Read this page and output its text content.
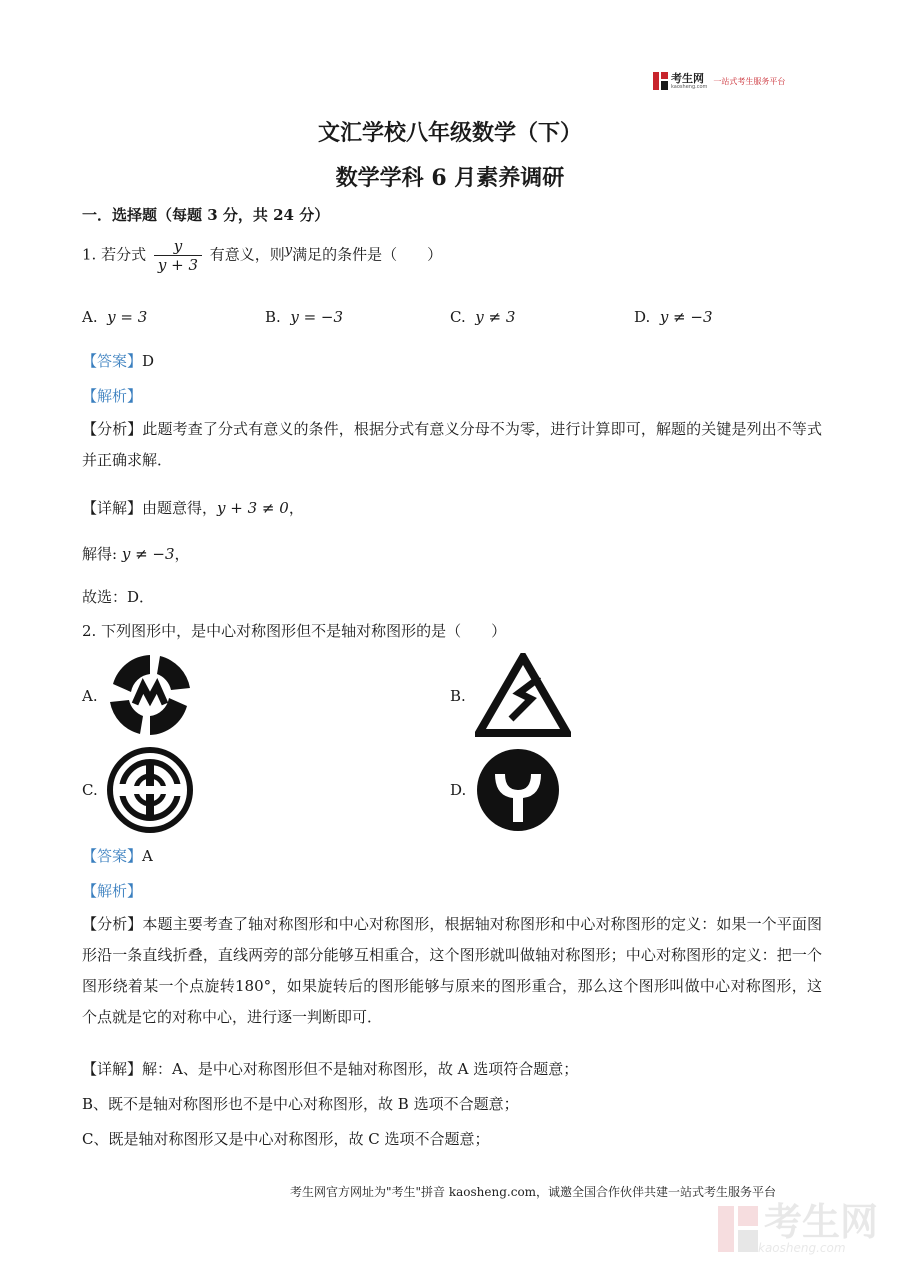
考生网
kaosheng.com
一站式考生服务平台
文汇学校八年级数学（下）
数学学科 6 月素养调研
一．选择题（每题 3 分，共 24 分）
1. 若分式 $\frac{y}{y + 3}$ 有意义，则y满足的条件是（　　）
A. y = 3	B. y = −3	C. y ≠ 3	D. y ≠ −3
【答案】D
【解析】
【分析】此题考查了分式有意义的条件，根据分式有意义分母不为零，进行计算即可，解题的关键是列出不等式并正确求解．
【详解】由题意得，y + 3 ≠ 0，
解得: y ≠ −3，
故选：D．
2. 下列图形中，是中心对称图形但不是轴对称图形的是（　　）
A.	B.
C.	D.
【答案】A
【解析】
【分析】本题主要考查了轴对称图形和中心对称图形，根据轴对称图形和中心对称图形的定义：如果一个平面图形沿一条直线折叠，直线两旁的部分能够互相重合，这个图形就叫做轴对称图形；中心对称图形的定义：把一个图形绕着某一个点旋转180°，如果旋转后的图形能够与原来的图形重合，那么这个图形叫做中心对称图形，这个点就是它的对称中心，进行逐一判断即可．
【详解】解：A、是中心对称图形但不是轴对称图形，故 A 选项符合题意；
B、既不是轴对称图形也不是中心对称图形，故 B 选项不合题意；
C、既是轴对称图形又是中心对称图形，故 C 选项不合题意；
考生网官方网址为"考生"拼音 kaosheng.com，诚邀全国合作伙伴共建一站式考生服务平台
考生网
kaosheng.com
